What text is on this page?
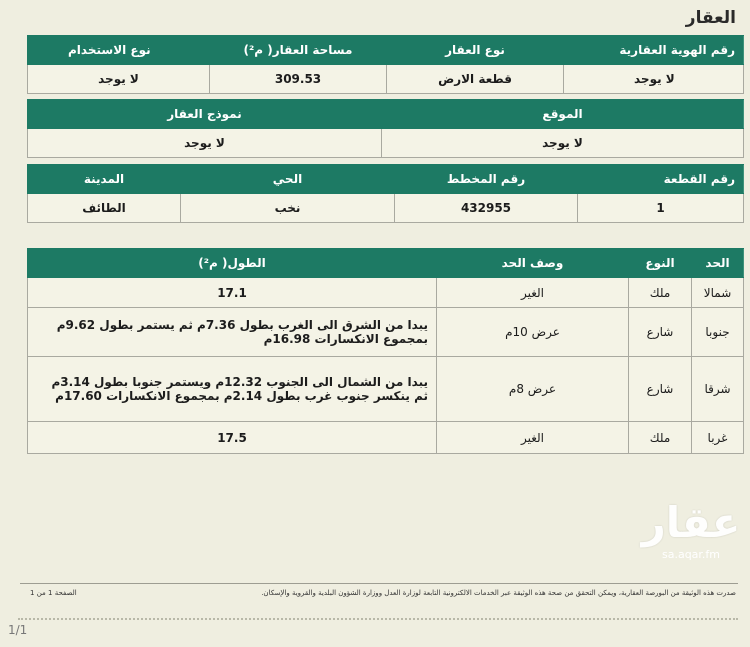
العقار
رقم الهوية العقارية	نوع العقار	مساحة العقار( م²)	نوع الاستخدام
لا يوجد	قطعة الارض	309.53	لا يوجد
الموقع	نموذج العقار
لا يوجد	لا يوجد
رقم القطعة	رقم المخطط	الحي	المدينة
1	432955	نخب	الطائف
الحد	النوع	وصف الحد	الطول( م²)
شمالا	ملك	الغير	17.1
جنوبا	شارع	عرض 10م	يبدا من الشرق الى الغرب بطول 7.36م ثم يستمر بطول 9.62م بمجموع الانكسارات 16.98م
شرقا	شارع	عرض 8م	يبدا من الشمال الى الجنوب 12.32م ويستمر جنوبا بطول 3.14م ثم ينكسر جنوب غرب بطول 2.14م بمجموع الانكسارات 17.60م
غربا	ملك	الغير	17.5
عقار
sa.aqar.fm
صدرت هذه الوثيقة من البورصة العقارية، ويمكن التحقق من صحة هذه الوثيقة عبر الخدمات الالكترونية التابعة لوزارة العدل ووزارة الشؤون البلدية والقروية والإسكان.
الصفحة 1 من 1
1/1
